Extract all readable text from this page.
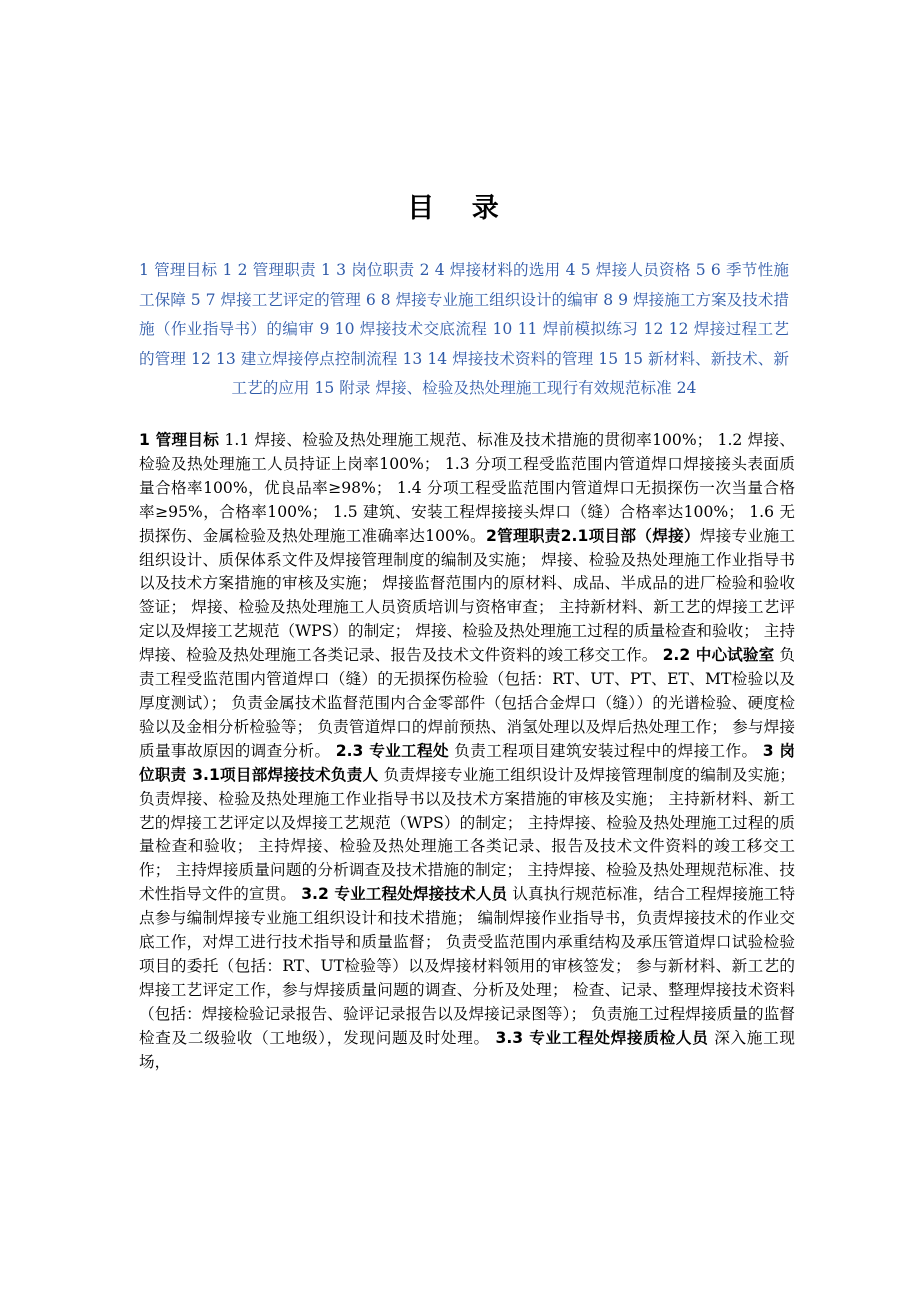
目 录
1 管理目标 1 2 管理职责 1 3 岗位职责 2 4 焊接材料的选用 4 5 焊接人员资格 5 6 季节性施工保障 5 7 焊接工艺评定的管理 6 8 焊接专业施工组织设计的编审 8 9 焊接施工方案及技术措施（作业指导书）的编审 9 10 焊接技术交底流程 10 11 焊前模拟练习 12 12 焊接过程工艺的管理 12 13 建立焊接停点控制流程 13 14 焊接技术资料的管理 15 15 新材料、新技术、新工艺的应用 15 附录 焊接、检验及热处理施工现行有效规范标准 24
1 管理目标 1.1 焊接、检验及热处理施工规范、标准及技术措施的贯彻率100%； 1.2 焊接、检验及热处理施工人员持证上岗率100%； 1.3 分项工程受监范围内管道焊口焊接接头表面质量合格率100%，优良品率≥98%； 1.4 分项工程受监范围内管道焊口无损探伤一次当量合格率≥95%，合格率100%； 1.5 建筑、安装工程焊接接头焊口（缝）合格率达100%； 1.6 无损探伤、金属检验及热处理施工准确率达100%。2管理职责2.1项目部（焊接）焊接专业施工组织设计、质保体系文件及焊接管理制度的编制及实施； 焊接、检验及热处理施工作业指导书以及技术方案措施的审核及实施； 焊接监督范围内的原材料、成品、半成品的进厂检验和验收签证； 焊接、检验及热处理施工人员资质培训与资格审查； 主持新材料、新工艺的焊接工艺评定以及焊接工艺规范（WPS）的制定； 焊接、检验及热处理施工过程的质量检查和验收； 主持焊接、检验及热处理施工各类记录、报告及技术文件资料的竣工移交工作。 2.2 中心试验室 负责工程受监范围内管道焊口（缝）的无损探伤检验（包括：RT、UT、PT、ET、MT检验以及厚度测试）； 负责金属技术监督范围内合金零部件（包括合金焊口（缝））的光谱检验、硬度检验以及金相分析检验等； 负责管道焊口的焊前预热、消氢处理以及焊后热处理工作； 参与焊接质量事故原因的调查分析。 2.3 专业工程处 负责工程项目建筑安装过程中的焊接工作。 3 岗位职责 3.1项目部焊接技术负责人 负责焊接专业施工组织设计及焊接管理制度的编制及实施； 负责焊接、检验及热处理施工作业指导书以及技术方案措施的审核及实施； 主持新材料、新工艺的焊接工艺评定以及焊接工艺规范（WPS）的制定； 主持焊接、检验及热处理施工过程的质量检查和验收； 主持焊接、检验及热处理施工各类记录、报告及技术文件资料的竣工移交工作； 主持焊接质量问题的分析调查及技术措施的制定； 主持焊接、检验及热处理规范标准、技术性指导文件的宣贯。 3.2 专业工程处焊接技术人员 认真执行规范标准，结合工程焊接施工特点参与编制焊接专业施工组织设计和技术措施； 编制焊接作业指导书，负责焊接技术的作业交底工作，对焊工进行技术指导和质量监督； 负责受监范围内承重结构及承压管道焊口试验检验项目的委托（包括：RT、UT检验等）以及焊接材料领用的审核签发； 参与新材料、新工艺的焊接工艺评定工作，参与焊接质量问题的调查、分析及处理； 检查、记录、整理焊接技术资料（包括：焊接检验记录报告、验评记录报告以及焊接记录图等）； 负责施工过程焊接质量的监督检查及二级验收（工地级），发现问题及时处理。 3.3 专业工程处焊接质检人员 深入施工现场，
